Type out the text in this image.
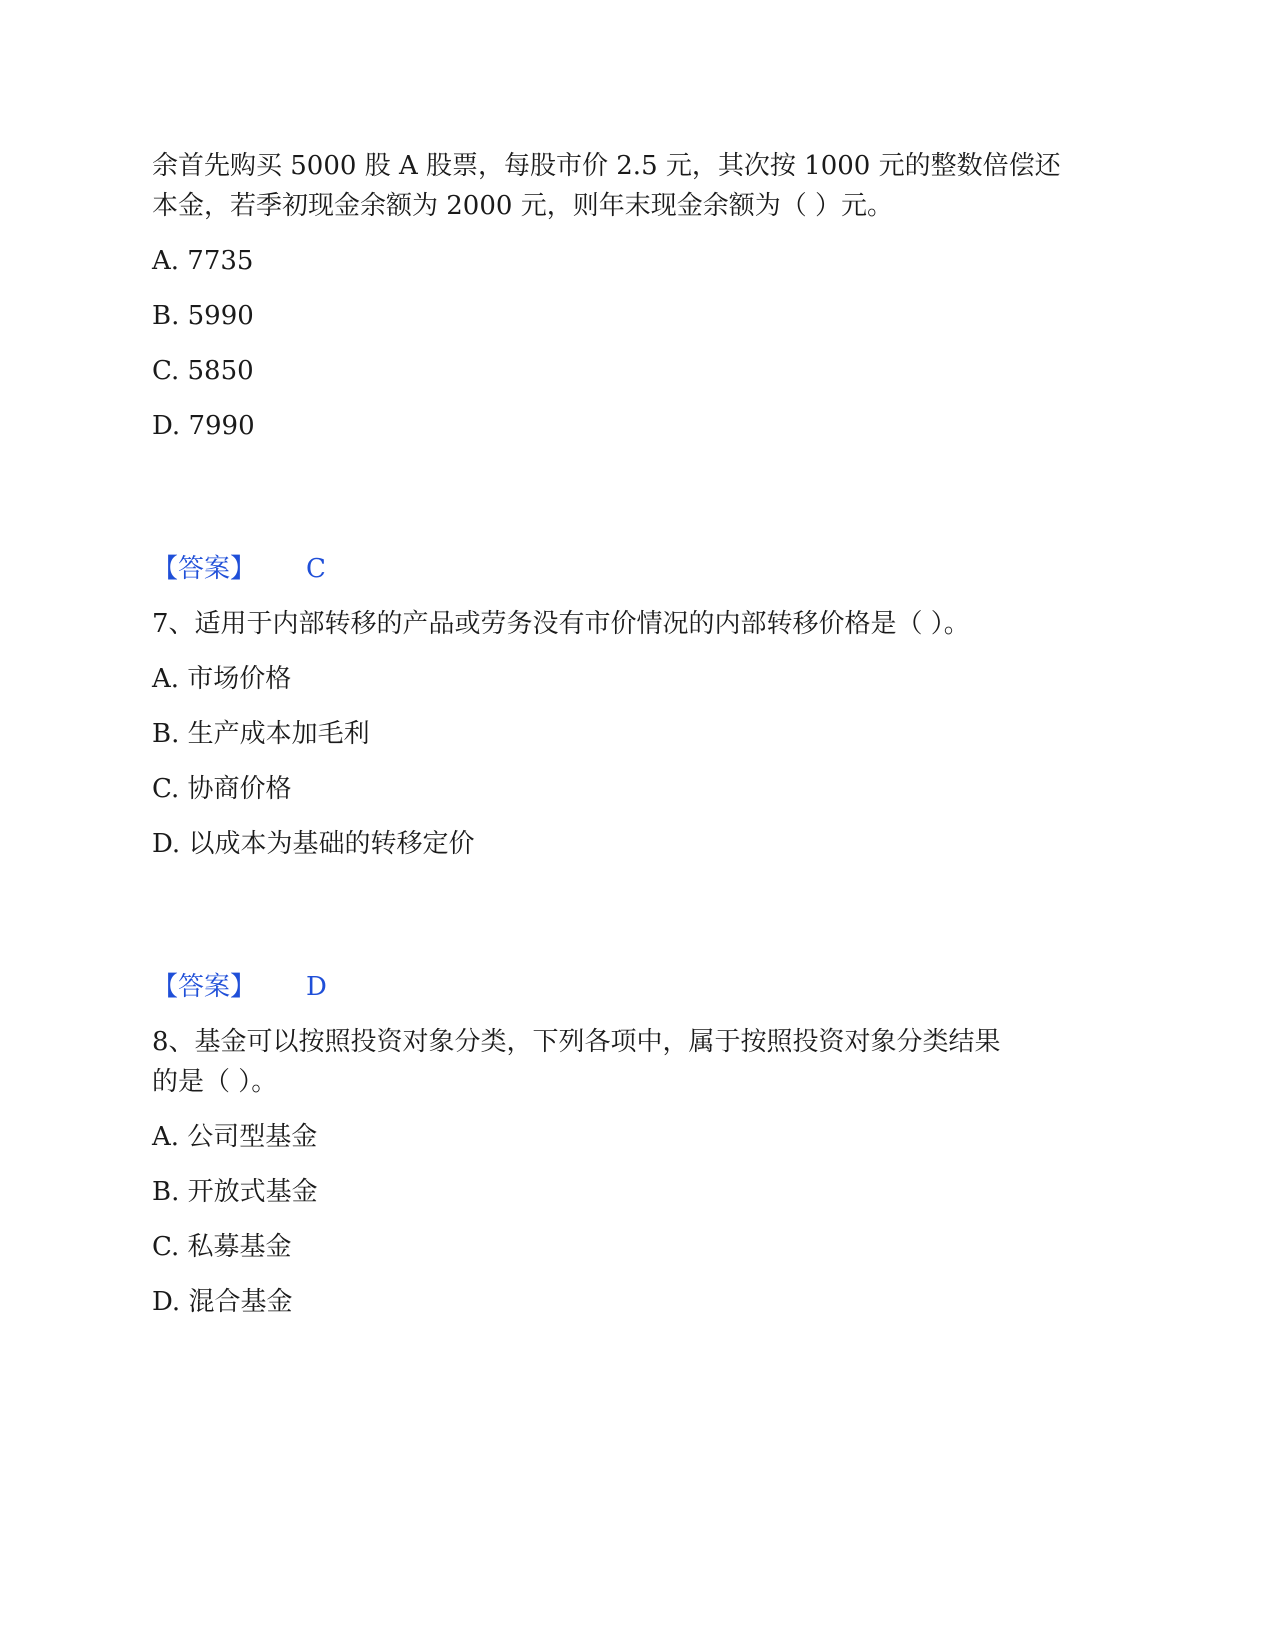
余首先购买 5000 股 A 股票，每股市价 2.5 元，其次按 1000 元的整数倍偿还
本金，若季初现金余额为 2000 元，则年末现金余额为（ ）元。
A. 7735
B. 5990
C. 5850
D. 7990
【答案】 C
7、适用于内部转移的产品或劳务没有市价情况的内部转移价格是（ ）。
A. 市场价格
B. 生产成本加毛利
C. 协商价格
D. 以成本为基础的转移定价
【答案】 D
8、基金可以按照投资对象分类，下列各项中，属于按照投资对象分类结果
的是（ ）。
A. 公司型基金
B. 开放式基金
C. 私募基金
D. 混合基金
